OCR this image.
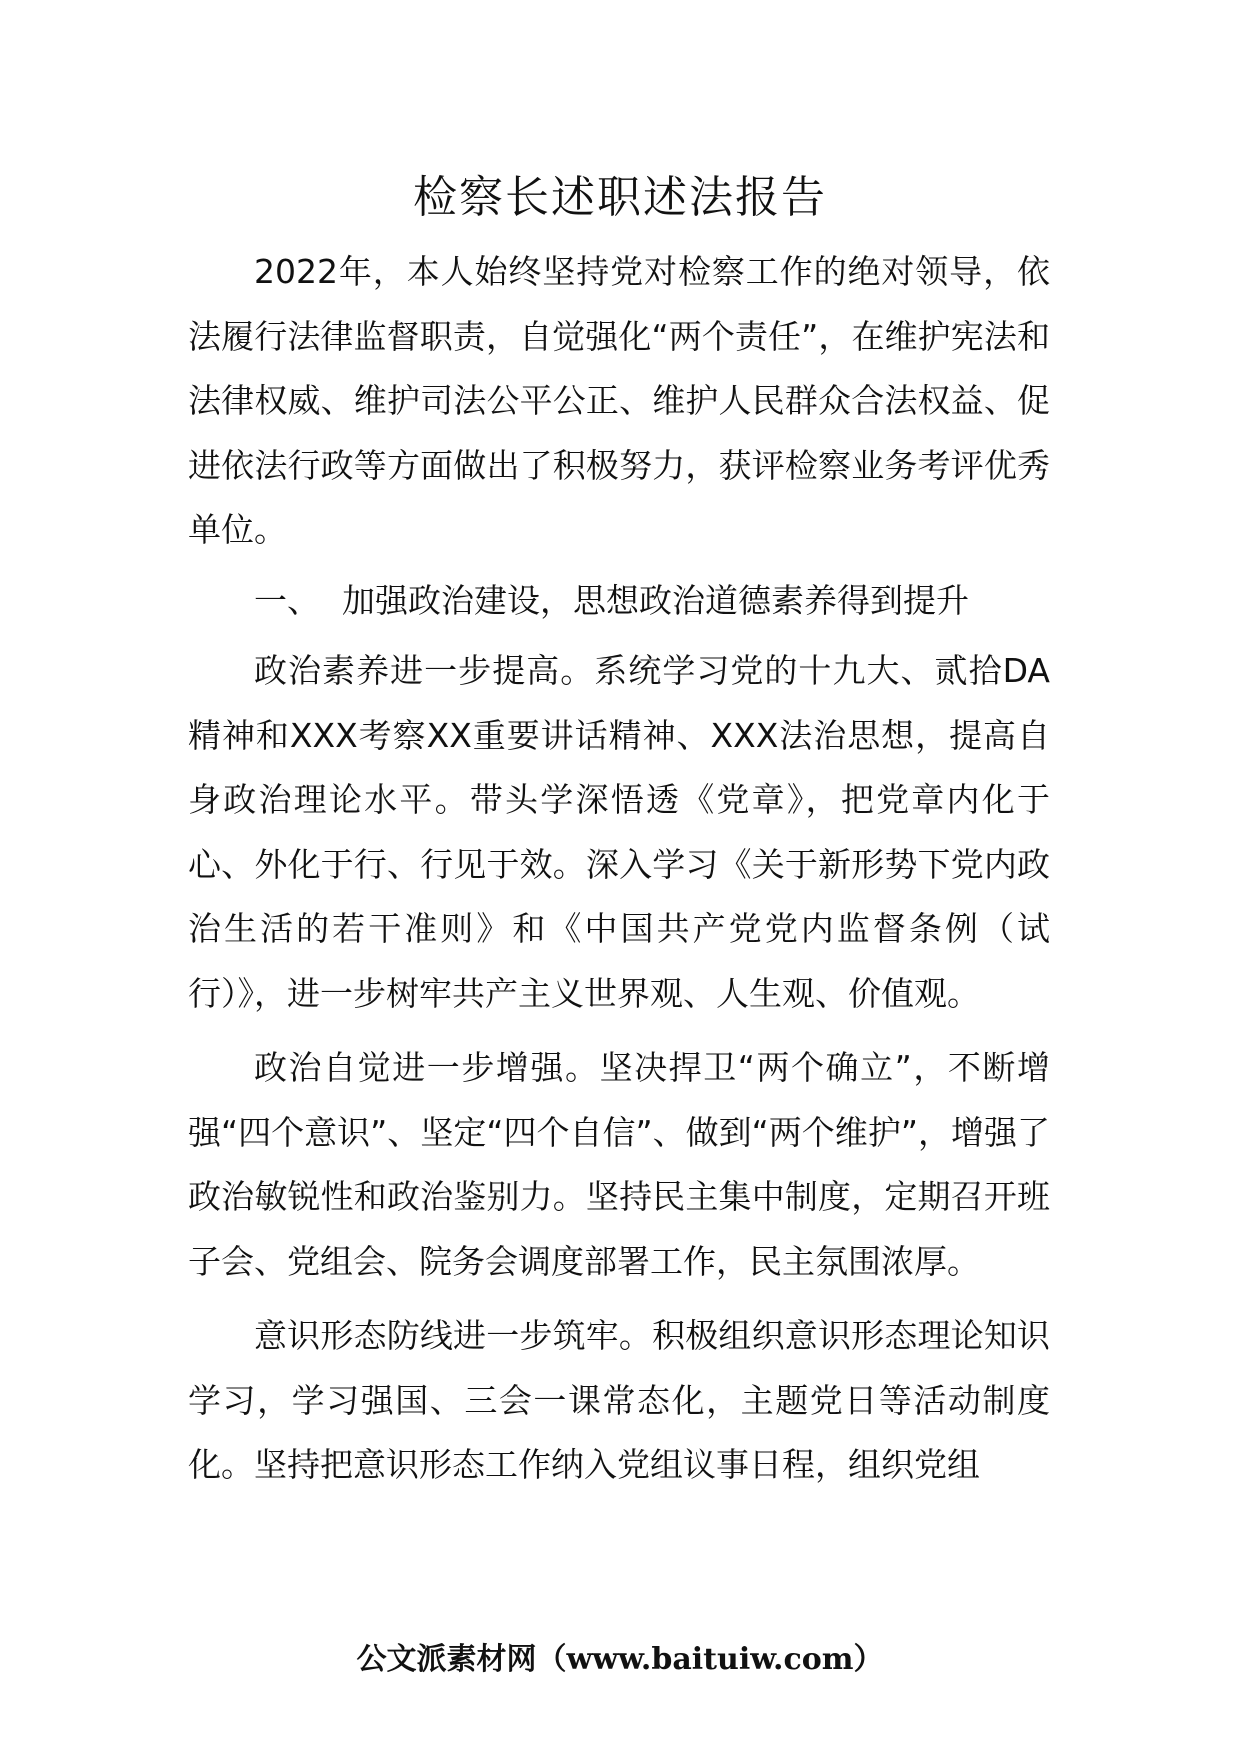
检察长述职述法报告

2022年，本人始终坚持党对检察工作的绝对领导，依法履行法律监督职责，自觉强化“两个责任”，在维护宪法和法律权威、维护司法公平公正、维护人民群众合法权益、促进依法行政等方面做出了积极努力，获评检察业务考评优秀单位。

一、 加强政治建设，思想政治道德素养得到提升

政治素养进一步提高。系统学习党的十九大、贰拾DA精神和XXX考察XX重要讲话精神、XXX法治思想，提高自身政治理论水平。带头学深悟透《党章》，把党章内化于心、外化于行、行见于效。深入学习《关于新形势下党内政治生活的若干准则》和《中国共产党党内监督条例（试行）》，进一步树牢共产主义世界观、人生观、价值观。

政治自觉进一步增强。坚决捍卫“两个确立”，不断增强“四个意识”、坚定“四个自信”、做到“两个维护”，增强了政治敏锐性和政治鉴别力。坚持民主集中制度，定期召开班子会、党组会、院务会调度部署工作，民主氛围浓厚。

意识形态防线进一步筑牢。积极组织意识形态理论知识学习，学习强国、三会一课常态化，主题党日等活动制度化。坚持把意识形态工作纳入党组议事日程，组织党组

公文派素材网（www.baituiw.com）
